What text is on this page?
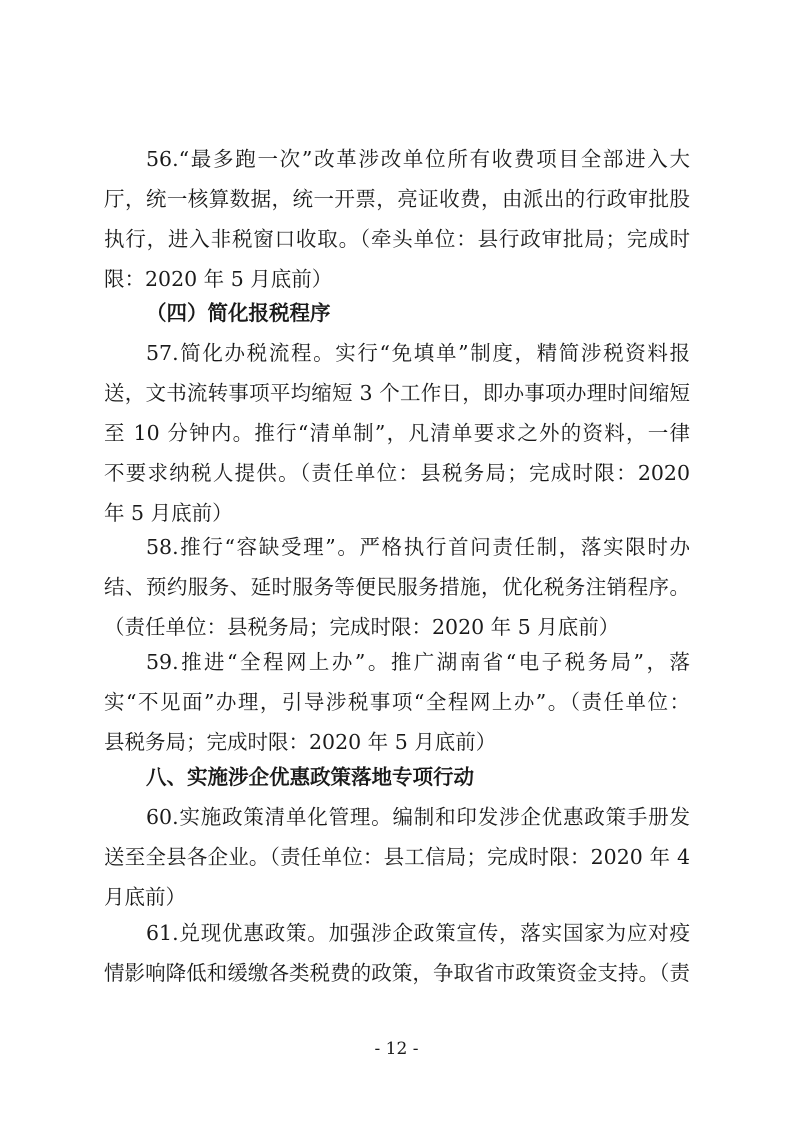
56.“最多跑一次”改革涉改单位所有收费项目全部进入大

厅，统一核算数据，统一开票，亮证收费，由派出的行政审批股

执行，进入非税窗口收取。（牵头单位：县行政审批局；完成时

限：2020 年 5 月底前）

（四）简化报税程序

57.简化办税流程。实行“免填单”制度，精简涉税资料报

送，文书流转事项平均缩短 3 个工作日，即办事项办理时间缩短

至 10 分钟内。推行“清单制”，凡清单要求之外的资料，一律

不要求纳税人提供。（责任单位：县税务局；完成时限：2020

年 5 月底前）

58.推行“容缺受理”。严格执行首问责任制，落实限时办

结、预约服务、延时服务等便民服务措施，优化税务注销程序。

（责任单位：县税务局；完成时限：2020 年 5 月底前）

59.推进“全程网上办”。推广湖南省“电子税务局”，落

实“不见面”办理，引导涉税事项“全程网上办”。（责任单位：

县税务局；完成时限：2020 年 5 月底前）

八、实施涉企优惠政策落地专项行动

60.实施政策清单化管理。编制和印发涉企优惠政策手册发

送至全县各企业。（责任单位：县工信局；完成时限：2020 年 4

月底前）

61.兑现优惠政策。加强涉企政策宣传，落实国家为应对疫

情影响降低和缓缴各类税费的政策，争取省市政策资金支持。（责

- 12 -
